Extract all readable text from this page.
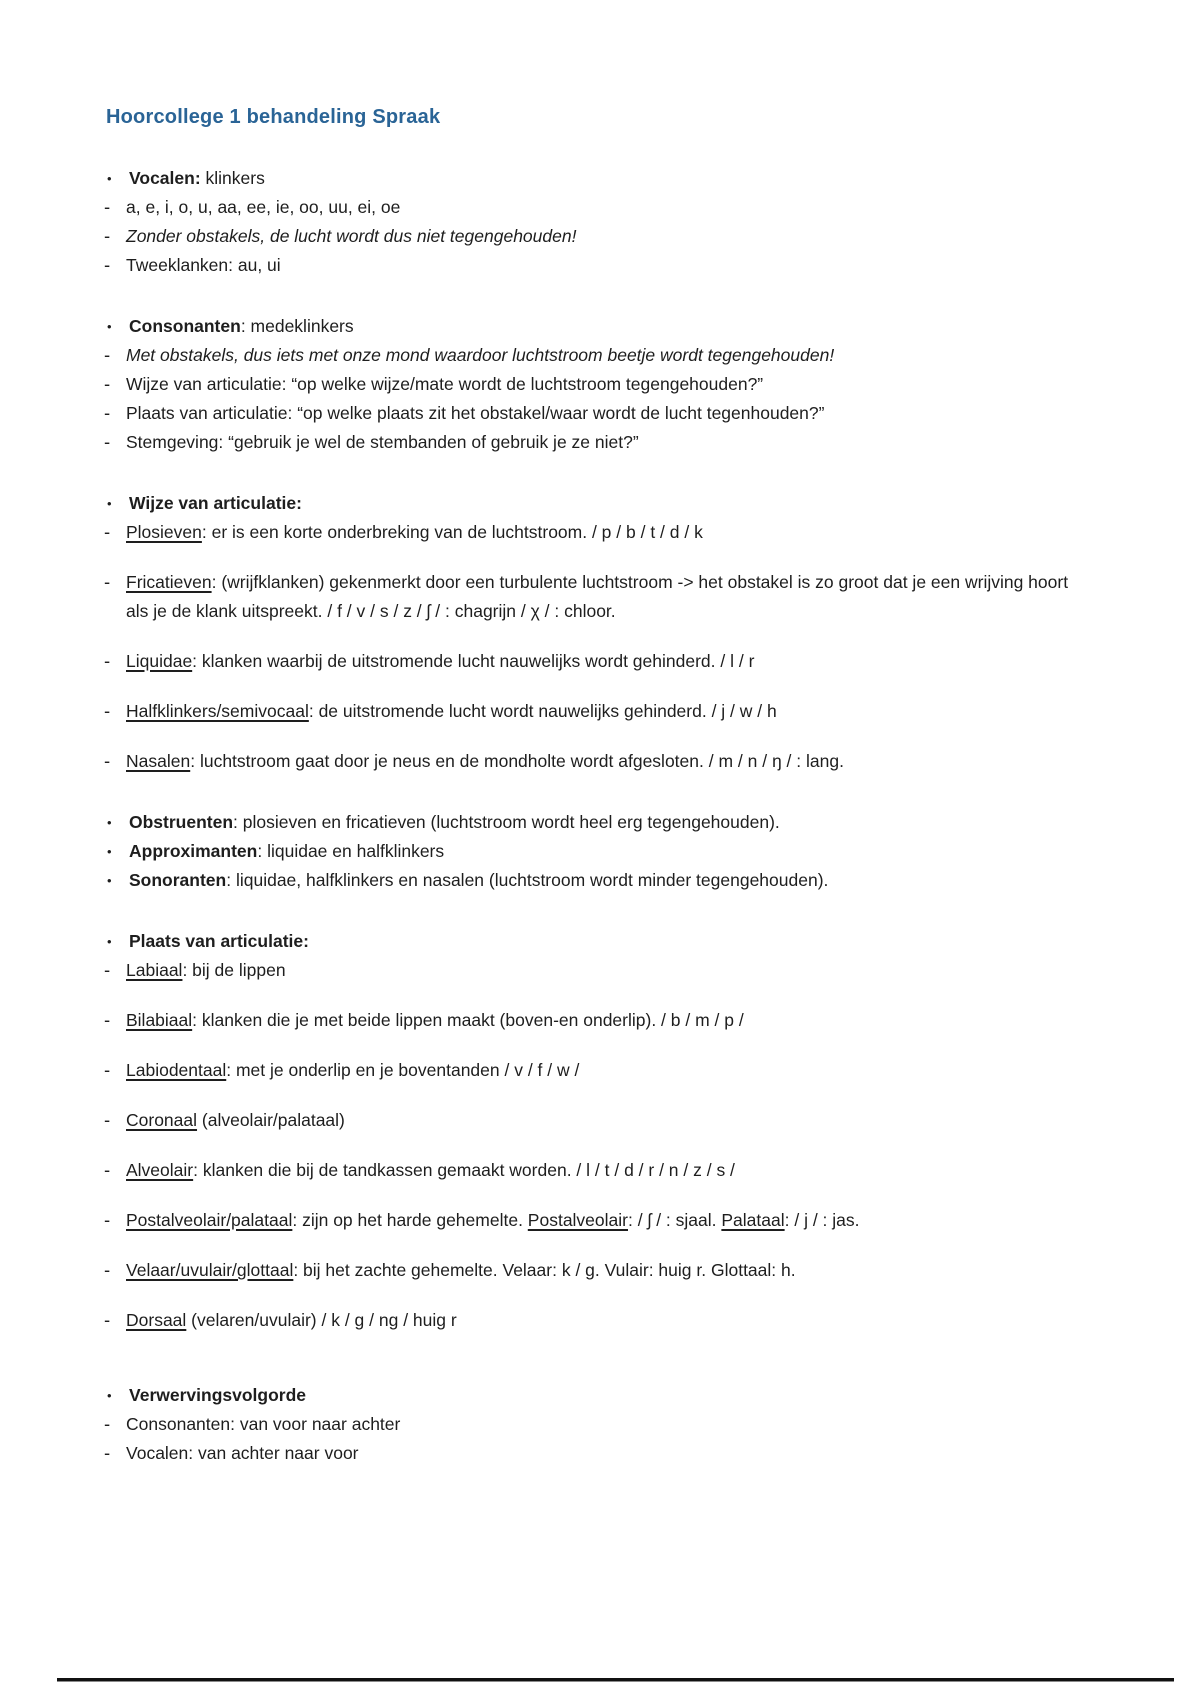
Hoorcollege 1 behandeling Spraak
• Vocalen: klinkers
- a, e, i, o, u, aa, ee, ie, oo, uu, ei, oe
- Zonder obstakels, de lucht wordt dus niet tegengehouden!
- Tweeklanken: au, ui
• Consonanten: medeklinkers
- Met obstakels, dus iets met onze mond waardoor luchtstroom beetje wordt tegengehouden!
- Wijze van articulatie: “op welke wijze/mate wordt de luchtstroom tegengehouden?”
- Plaats van articulatie: “op welke plaats zit het obstakel/waar wordt de lucht tegenhouden?”
- Stemgeving: “gebruik je wel de stembanden of gebruik je ze niet?”
• Wijze van articulatie:
- Plosieven: er is een korte onderbreking van de luchtstroom. / p / b / t / d / k
- Fricatieven: (wrijfklanken) gekenmerkt door een turbulente luchtstroom -> het obstakel is zo groot dat je een wrijving hoort als je de klank uitspreekt. / f / v / s / z / ʃ / : chagrijn / χ / : chloor.
- Liquidae: klanken waarbij de uitstromende lucht nauwelijks wordt gehinderd. / l / r
- Halfklinkers/semivocaal: de uitstromende lucht wordt nauwelijks gehinderd. / j / w / h
- Nasalen: luchtstroom gaat door je neus en de mondholte wordt afgesloten. / m / n / ŋ / : lang.
• Obstruenten: plosieven en fricatieven (luchtstroom wordt heel erg tegengehouden).
• Approximanten: liquidae en halfklinkers
• Sonoranten: liquidae, halfklinkers en nasalen (luchtstroom wordt minder tegengehouden).
• Plaats van articulatie:
- Labiaal: bij de lippen
- Bilabiaal: klanken die je met beide lippen maakt (boven-en onderlip). / b / m / p /
- Labiodentaal: met je onderlip en je boventanden / v / f / w /
- Coronaal (alveolair/palataal)
- Alveolair: klanken die bij de tandkassen gemaakt worden. / l / t / d / r / n / z / s /
- Postalveolair/palataal: zijn op het harde gehemelte. Postalveolair: / ʃ / : sjaal. Palataal: / j / : jas.
- Velaar/uvulair/glottaal: bij het zachte gehemelte. Velaar: k / g. Vulair: huig r. Glottaal: h.
- Dorsaal (velaren/uvulair) / k / g / ng / huig r
• Verwervingsvolgorde
- Consonanten: van voor naar achter
- Vocalen: van achter naar voor
